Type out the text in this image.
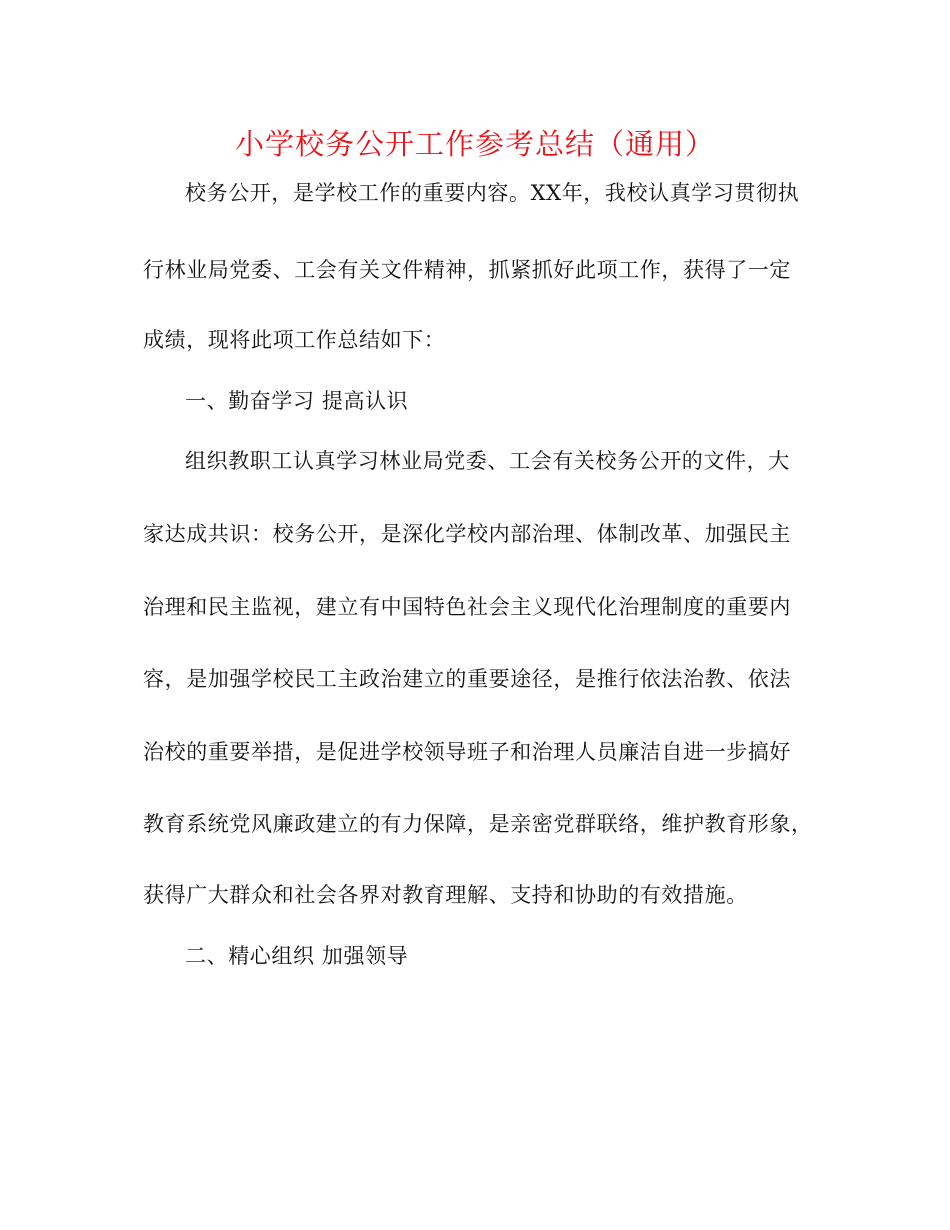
小学校务公开工作参考总结（通用）

校务公开，是学校工作的重要内容。XX年，我校认真学习贯彻执

行林业局党委、工会有关文件精神，抓紧抓好此项工作，获得了一定

成绩，现将此项工作总结如下：

一、勤奋学习 提高认识

组织教职工认真学习林业局党委、工会有关校务公开的文件，大

家达成共识：校务公开，是深化学校内部治理、体制改革、加强民主

治理和民主监视，建立有中国特色社会主义现代化治理制度的重要内

容，是加强学校民工主政治建立的重要途径，是推行依法治教、依法

治校的重要举措，是促进学校领导班子和治理人员廉洁自进一步搞好

教育系统党风廉政建立的有力保障，是亲密党群联络，维护教育形象，

获得广大群众和社会各界对教育理解、支持和协助的有效措施。

二、精心组织 加强领导
